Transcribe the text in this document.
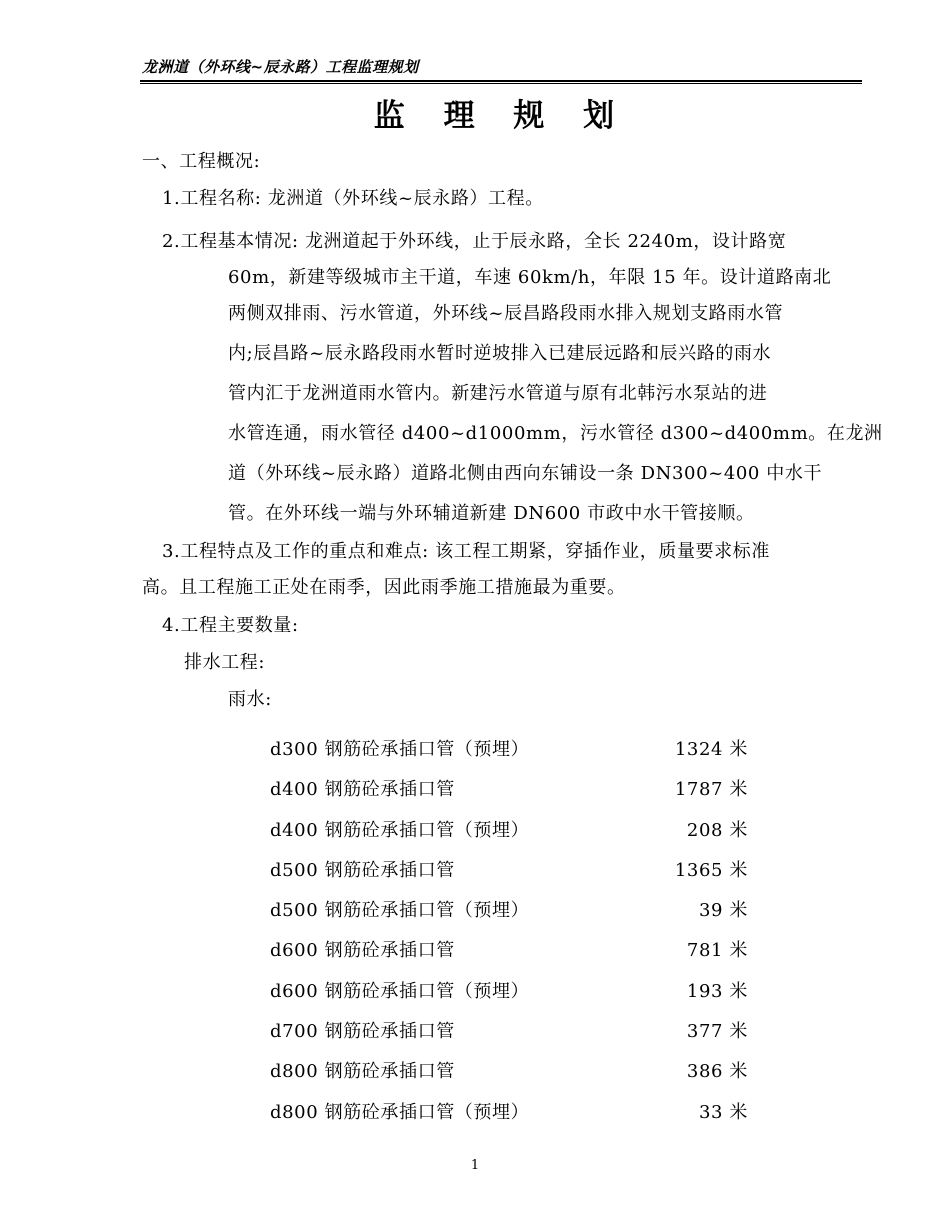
龙洲道（外环线~辰永路）工程监理规划
监 理 规 划
一、工程概况:
1.工程名称: 龙洲道（外环线~辰永路）工程。
2.工程基本情况: 龙洲道起于外环线，止于辰永路，全长 2240m，设计路宽
60m，新建等级城市主干道，车速 60km/h，年限 15 年。设计道路南北
两侧双排雨、污水管道，外环线~辰昌路段雨水排入规划支路雨水管
内;辰昌路~辰永路段雨水暂时逆坡排入已建辰远路和辰兴路的雨水
管内汇于龙洲道雨水管内。新建污水管道与原有北韩污水泵站的进
水管连通，雨水管径 d400~d1000mm，污水管径 d300~d400mm。在龙洲
道（外环线~辰永路）道路北侧由西向东铺设一条 DN300~400 中水干
管。在外环线一端与外环辅道新建 DN600 市政中水干管接顺。
3.工程特点及工作的重点和难点: 该工程工期紧，穿插作业，质量要求标准
高。且工程施工正处在雨季，因此雨季施工措施最为重要。
4.工程主要数量:
排水工程:
雨水:
d300 钢筋砼承插口管（预埋）	1324 米
d400 钢筋砼承插口管	1787 米
d400 钢筋砼承插口管（预埋）	208 米
d500 钢筋砼承插口管	1365 米
d500 钢筋砼承插口管（预埋）	39 米
d600 钢筋砼承插口管	781 米
d600 钢筋砼承插口管（预埋）	193 米
d700 钢筋砼承插口管	377 米
d800 钢筋砼承插口管	386 米
d800 钢筋砼承插口管（预埋）	33 米
1
